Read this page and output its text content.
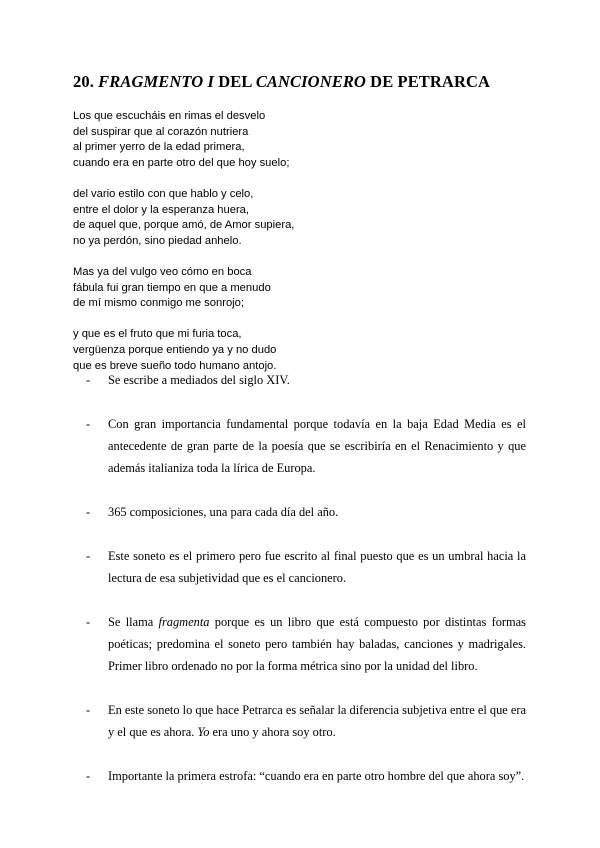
20. FRAGMENTO I DEL CANCIONERO DE PETRARCA
Los que escucháis en rimas el desvelo
del suspirar que al corazón nutriera
al primer yerro de la edad primera,
cuando era en parte otro del que hoy suelo;
del vario estilo con que hablo y celo,
entre el dolor y la esperanza huera,
de aquel que, porque amó, de Amor supiera,
no ya perdón, sino piedad anhelo.
Mas ya del vulgo veo cómo en boca
fábula fui gran tiempo en que a menudo
de mí mismo conmigo me sonrojo;
y que es el fruto que mi furia toca,
vergüenza porque entiendo ya y no dudo
que es breve sueño todo humano antojo.

- Se escribe a mediados del siglo XIV.

- Con gran importancia fundamental porque todavía en la baja Edad Media es el antecedente de gran parte de la poesía que se escribiría en el Renacimiento y que además italianiza toda la lírica de Europa.

- 365 composiciones, una para cada día del año.

- Este soneto es el primero pero fue escrito al final puesto que es un umbral hacia la lectura de esa subjetividad que es el cancionero.

- Se llama fragmenta porque es un libro que está compuesto por distintas formas poéticas; predomina el soneto pero también hay baladas, canciones y madrigales. Primer libro ordenado no por la forma métrica sino por la unidad del libro.

- En este soneto lo que hace Petrarca es señalar la diferencia subjetiva entre el que era y el que es ahora. Yo era uno y ahora soy otro.

- Importante la primera estrofa: “cuando era en parte otro hombre del que ahora soy”.
